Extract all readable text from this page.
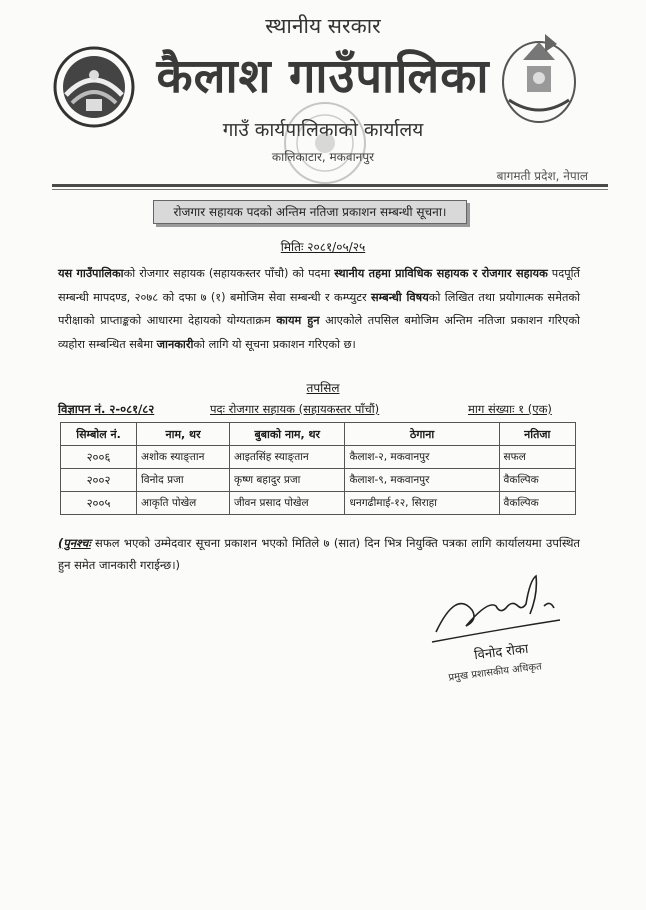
स्थानीय सरकार
कैलाश गाउँपालिका
गाउँ कार्यपालिकाको कार्यालय
कालिकाटार, मकवानपुर
बागमती प्रदेश, नेपाल
रोजगार सहायक पदको अन्तिम नतिजा प्रकाशन सम्बन्धी सूचना।
मितिः २०८१/०५/२५
यस गाउँपालिकाको रोजगार सहायक (सहायकस्तर पाँचौ) को पदमा स्थानीय तहमा प्राविधिक सहायक र रोजगार सहायक पदपूर्ति सम्बन्धी मापदण्ड, २०७८ को दफा ७ (१) बमोजिम सेवा सम्बन्धी र कम्प्युटर सम्बन्धी विषयको लिखित तथा प्रयोगात्मक समेतको परीक्षाको प्राप्ताङ्कको आधारमा देहायको योग्यताक्रम कायम हुन आएकोले तपसिल बमोजिम अन्तिम नतिजा प्रकाशन गरिएको व्यहोरा सम्बन्धित सबैमा जानकारीको लागि यो सूचना प्रकाशन गरिएको छ।
तपसिल
विज्ञापन नं. २-०८१/८२	पदः रोजगार सहायक (सहायकस्तर पाँचौं)	माग संख्याः १ (एक)
सिम्बोल नं.	नाम, थर	बुबाको नाम, थर	ठेगाना	नतिजा
२००६	अशोक स्याङ्तान	आइतसिंह स्याङ्तान	कैलाश-२, मकवानपुर	सफल
२००२	विनोद प्रजा	कृष्ण बहादुर प्रजा	कैलाश-९, मकवानपुर	वैकल्पिक
२००५	आकृति पोखेल	जीवन प्रसाद पोखेल	धनगढीमाई-१२, सिराहा	वैकल्पिक
(पुनश्चः सफल भएको उम्मेदवार सूचना प्रकाशन भएको मितिले ७ (सात) दिन भित्र नियुक्ति पत्रका लागि कार्यालयमा उपस्थित हुन समेत जानकारी गराईन्छ।)
विनोद रोका
प्रमुख प्रशासकीय अधिकृत
